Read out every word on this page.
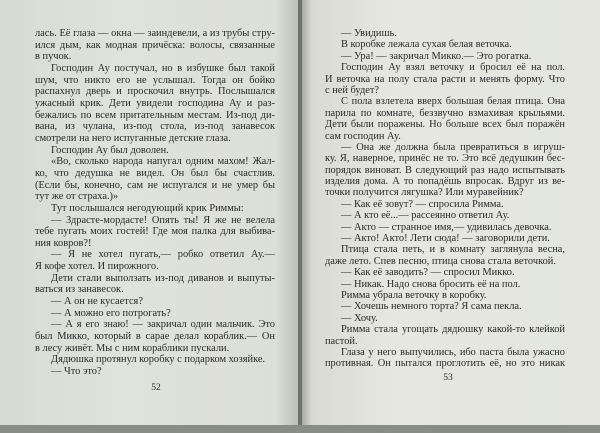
лась. Её глаза — окна — заиндевели, а из трубы стру-
ился дым, как модная причёска: волосы, связанные
в пучок.
Господин Ау постучал, но в избушке был такой
шум, что никто его не услышал. Тогда он бойко
распахнул дверь и проскочил внутрь. Послышался
ужасный крик. Дети увидели господина Ау и раз-
бежались по всем притательным местам. Из-под ди-
вана, из чулана, из-под стола, из-под занавесок
смотрели на него испуганные детские глаза.
Господин Ау был доволен.
«Во, сколько народа напугал одним махом! Жал-
ко, что дедушка не видел. Он был бы счастлив.
(Если бы, конечно, сам не испугался и не умер бы
тут же от страха.)»
Тут послышался негодующий крик Риммы:
— Здрасте-мордасте! Опять ты! Я же не велела
тебе пугать моих гостей! Где моя палка для выбива-
ния ковров?!
— Я не хотел пугать,— робко ответил Ау.—
Я кофе хотел. И пирожного.
Дети стали выползать из-под диванов и выпуты-
ваться из занавесок.
— А он не кусается?
— А можно его потрогать?
— А я его знаю! — закричал один мальчик. Это
был Микко, который в сарае делал кораблик.— Он
в лесу живёт. Мы с ним кораблики пускали.
Дядюшка протянул коробку с подарком хозяйке.
— Что это?
52
— Увидишь.
В коробке лежала сухая белая веточка.
— Ура! — закричал Микко.— Это рогатка.
Господин Ау взял веточку и бросил её на пол.
И веточка на полу стала расти и менять форму. Что
с ней будет?
С пола взлетела вверх большая белая птица. Она
парила по комнате, беззвучно взмахивая крыльями.
Дети были поражены. Но больше всех был поражён
сам господин Ау.
— Она же должна была превратиться в игруш-
ку. Я, наверное, принёс не то. Это всё дедушкин бес-
порядок виноват. В следующий раз надо испытывать
изделия дома. А то попадёшь впросак. Вдруг из ве-
точки получится лягушка? Или муравейник?
— Как её зовут? — спросила Римма.
— А кто её...— рассеянно ответил Ау.
— Акто — странное имя,— удивилась девочка.
— Акто! Акто! Лети сюда! — заговорили дети.
Птица стала петь, и в комнату заглянула весна,
даже лето. Спев песню, птица снова стала веточкой.
— Как её заводить? — спросил Микко.
— Никак. Надо снова бросить её на пол.
Римма убрала веточку в коробку.
— Хочешь немного торта? Я сама пекла.
— Хочу.
Римма стала угощать дядюшку какой-то клейкой
пастой.
Глаза у него выпучились, ибо паста была ужасно
противная. Он пытался проглотить её, но это никак
53
